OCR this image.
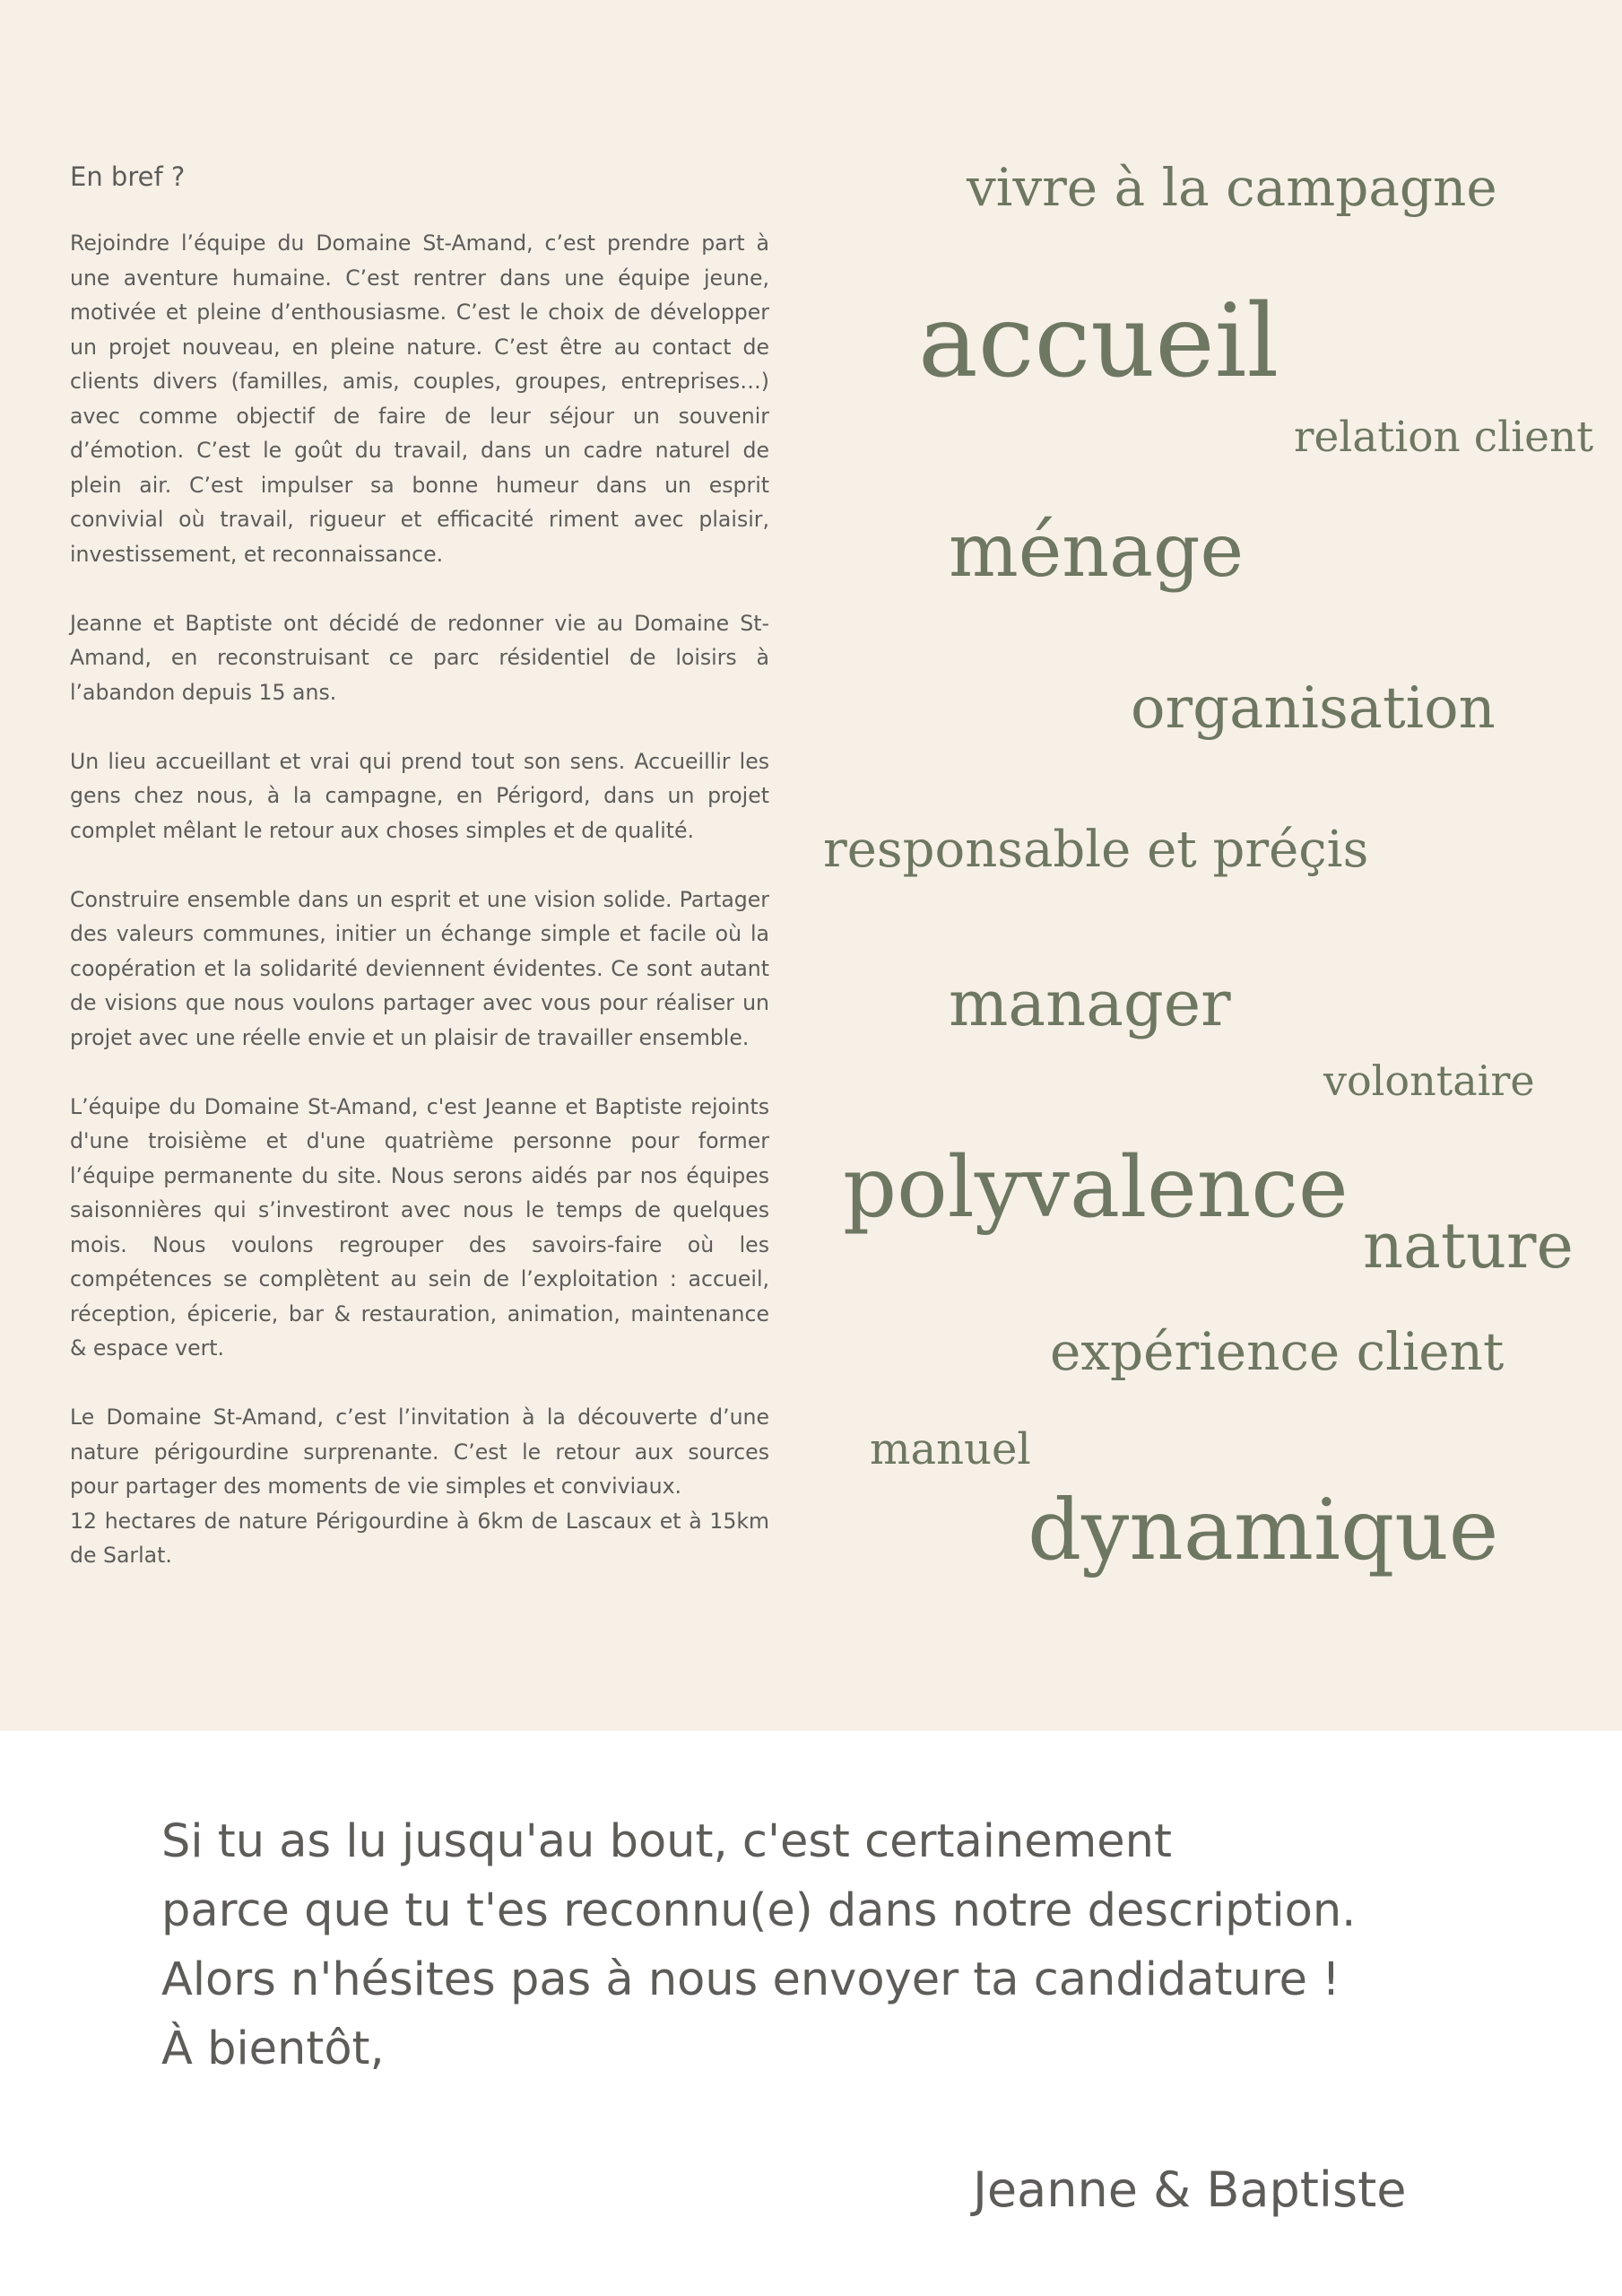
En bref ?

Rejoindre l’équipe du Domaine St-Amand, c’est prendre part à une aventure humaine. C’est rentrer dans une équipe jeune, motivée et pleine d’enthousiasme. C’est le choix de développer un projet nouveau, en pleine nature. C’est être au contact de clients divers (familles, amis, couples, groupes, entreprises…) avec comme objectif de faire de leur séjour un souvenir d’émotion. C’est le goût du travail, dans un cadre naturel de plein air. C’est impulser sa bonne humeur dans un esprit convivial où travail, rigueur et efficacité riment avec plaisir, investissement, et reconnaissance.

Jeanne et Baptiste ont décidé de redonner vie au Domaine St-Amand, en reconstruisant ce parc résidentiel de loisirs à l’abandon depuis 15 ans.

Un lieu accueillant et vrai qui prend tout son sens. Accueillir les gens chez nous, à la campagne, en Périgord, dans un projet complet mêlant le retour aux choses simples et de qualité.

Construire ensemble dans un esprit et une vision solide. Partager des valeurs communes, initier un échange simple et facile où la coopération et la solidarité deviennent évidentes. Ce sont autant de visions que nous voulons partager avec vous pour réaliser un projet avec une réelle envie et un plaisir de travailler ensemble.

L’équipe du Domaine St-Amand, c'est Jeanne et Baptiste rejoints d'une troisième et d'une quatrième personne pour former l’équipe permanente du site. Nous serons aidés par nos équipes saisonnières qui s’investiront avec nous le temps de quelques mois. Nous voulons regrouper des savoirs-faire où les compétences se complètent au sein de l’exploitation : accueil, réception, épicerie, bar & restauration, animation, maintenance & espace vert.

Le Domaine St-Amand, c’est l’invitation à la découverte d’une nature périgourdine surprenante. C’est le retour aux sources pour partager des moments de vie simples et conviviaux.
12 hectares de nature Périgourdine à 6km de Lascaux et à 15km de Sarlat.

vivre à la campagne
accueil
relation client
ménage
organisation
responsable et préçis
manager
volontaire
polyvalence
nature
expérience client
manuel
dynamique
Si tu as lu jusqu'au bout, c'est certainement
parce que tu t'es reconnu(e) dans notre description.
Alors n'hésites pas à nous envoyer ta candidature !
À bientôt,
Jeanne & Baptiste
